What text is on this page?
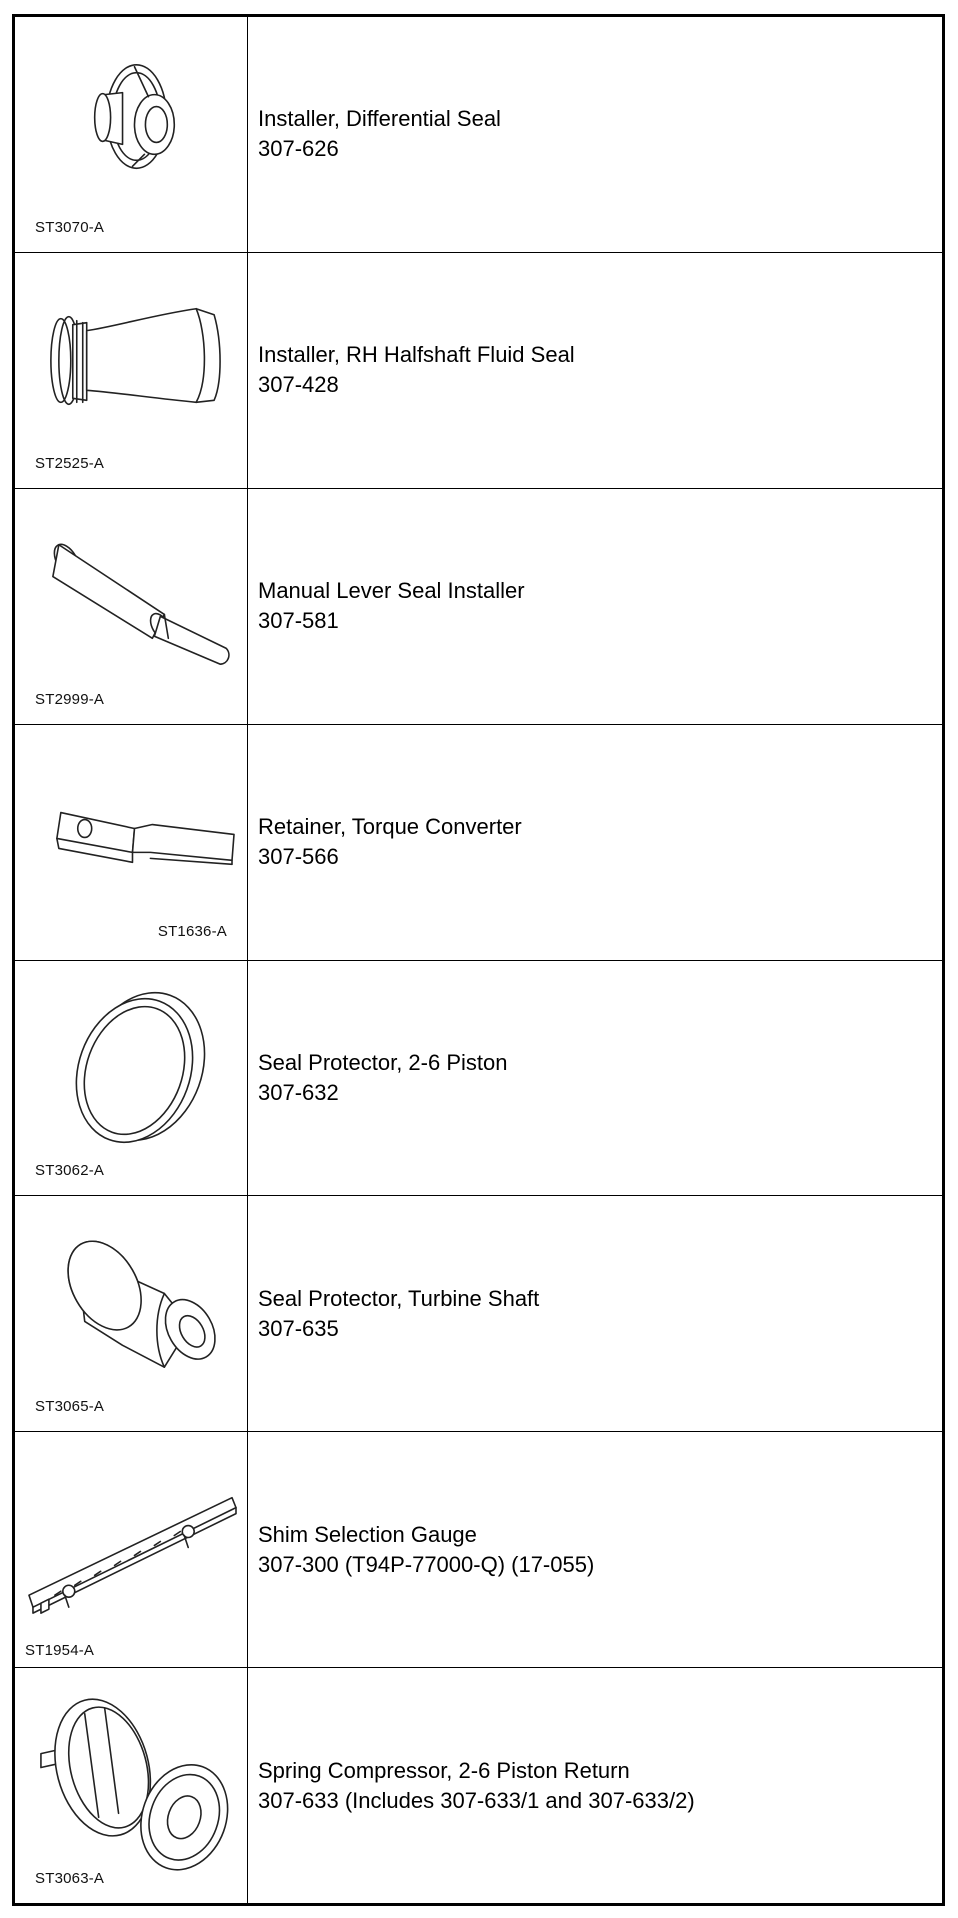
ST3070-A
Installer, Differential Seal
307-626
ST2525-A
Installer, RH Halfshaft Fluid Seal
307-428
ST2999-A
Manual Lever Seal Installer
307-581
ST1636-A
Retainer, Torque Converter
307-566
ST3062-A
Seal Protector, 2-6 Piston
307-632
ST3065-A
Seal Protector, Turbine Shaft
307-635
ST1954-A
Shim Selection Gauge
307-300 (T94P-77000-Q) (17-055)
ST3063-A
Spring Compressor, 2-6 Piston Return
307-633 (Includes 307-633/1 and 307-633/2)
